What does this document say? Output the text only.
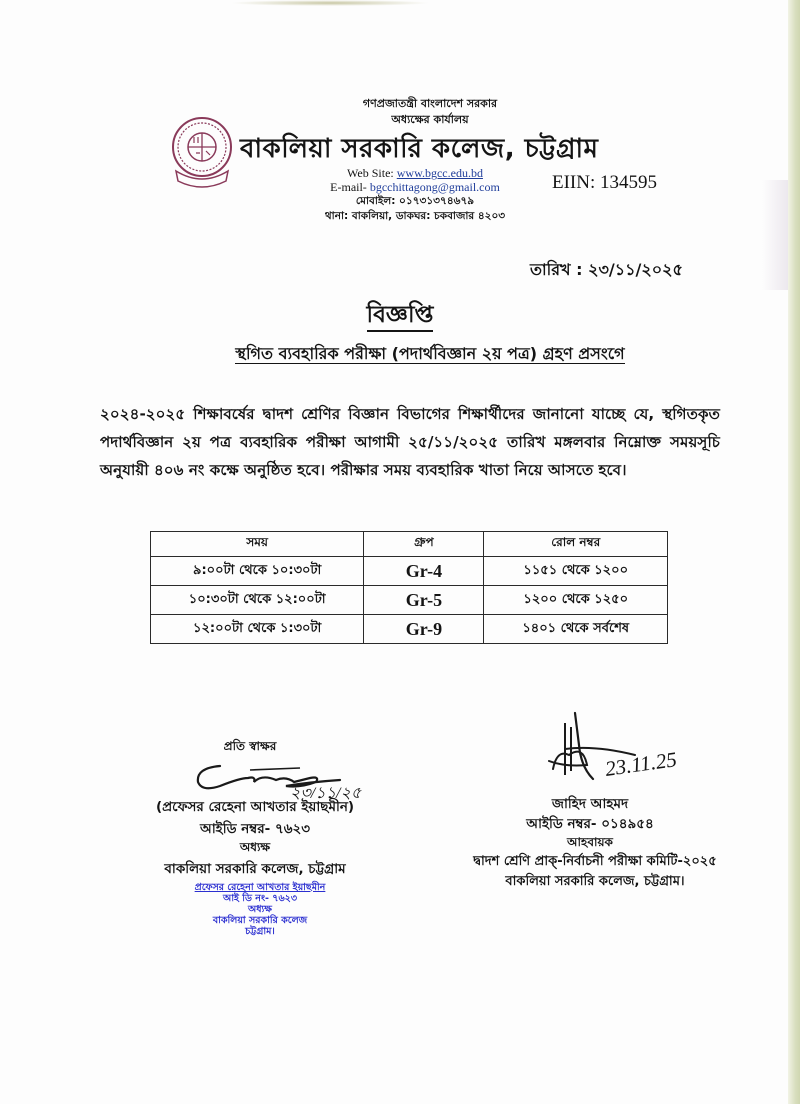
গণপ্রজাতন্ত্রী বাংলাদেশ সরকার
অধ্যক্ষের কার্যালয়
বাকলিয়া সরকারি কলেজ, চট্টগ্রাম
Web Site: www.bgcc.edu.bd
E-mail- bgcchittagong@gmail.com
মোবাইল: ০১৭৩১৩৭৪৬৭৯
থানা: বাকলিয়া, ডাকঘর: চকবাজার ৪২০৩
EIIN: 134595
তারিখ : ২৩/১১/২০২৫
বিজ্ঞপ্তি
স্থগিত ব্যবহারিক পরীক্ষা (পদার্থবিজ্ঞান ২য় পত্র) গ্রহণ প্রসংগে
২০২৪-২০২৫ শিক্ষাবর্ষের দ্বাদশ শ্রেণির বিজ্ঞান বিভাগের শিক্ষার্থীদের জানানো যাচ্ছে যে, স্থগিতকৃত পদার্থবিজ্ঞান ২য় পত্র ব্যবহারিক পরীক্ষা আগামী ২৫/১১/২০২৫ তারিখ মঙ্গলবার নিম্নোক্ত সময়সূচি অনুযায়ী ৪০৬ নং কক্ষে অনুষ্ঠিত হবে। পরীক্ষার সময় ব্যবহারিক খাতা নিয়ে আসতে হবে।
সময়	গ্রুপ	রোল নম্বর
৯:০০টা থেকে ১০:৩০টা	Gr-4	১১৫১ থেকে ১২০০
১০:৩০টা থেকে ১২:০০টা	Gr-5	১২০০ থেকে ১২৫০
১২:০০টা থেকে ১:৩০টা	Gr-9	১৪০১ থেকে সর্বশেষ
প্রতি স্বাক্ষর
২৩/১১/২৫
(প্রফেসর রেহেনা আখতার ইয়াছমীন)
আইডি নম্বর- ৭৬২৩
অধ্যক্ষ
বাকলিয়া সরকারি কলেজ, চট্টগ্রাম
প্রফেসর রেহেনা আখতার ইয়াছমীন
আই ডি নং- ৭৬২৩
অধ্যক্ষ
বাকলিয়া সরকারি কলেজ
চট্টগ্রাম।
23.11.25
জাহিদ আহমদ
আইডি নম্বর- ০১৪৯৫৪
আহবায়ক
দ্বাদশ শ্রেণি প্রাক্-নির্বাচনী পরীক্ষা কমিটি-২০২৫
বাকলিয়া সরকারি কলেজ, চট্টগ্রাম।
